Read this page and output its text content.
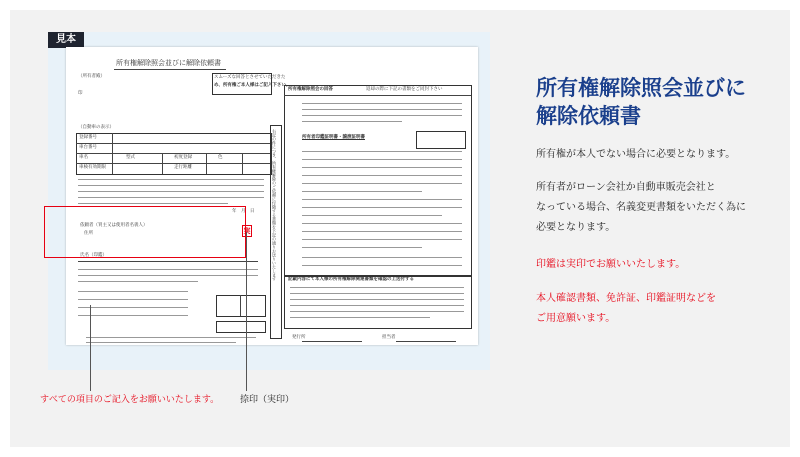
見本
所有権解除照会並びに解除依頼書
（所有者殿）	スムーズな回答とさせていただきた
め、所有権ご本人様はご記入下さい。
印
（自動車の表示）
登録番号
車台番号
車名	型式	初度登録	色
車検有効期限	走行距離
年　月　日
依頼者（買主又は使用者名義人）
住所
氏名（印鑑）	右記の件につき、所有権解除のご依頼に付随する書類を下記の通りお送りいたします
所有権解除照会の回答	返却の際に下記の書類をご同封下さい
所有者印鑑証明書・譲渡証明書
記載内容にて本人様の所有権解除関連書類を確認の上送付する
発行所	担当者
実
すべての項目のご記入をお願いいたします。 捺印（実印）
所有権解除照会並びに
解除依頼書
所有権が本人でない場合に必要となります。
所有者がローン会社か自動車販売会社と
なっている場合、名義変更書類をいただく為に
必要となります。
印鑑は実印でお願いいたします。
本人確認書類、免許証、印鑑証明などを
ご用意願います。
